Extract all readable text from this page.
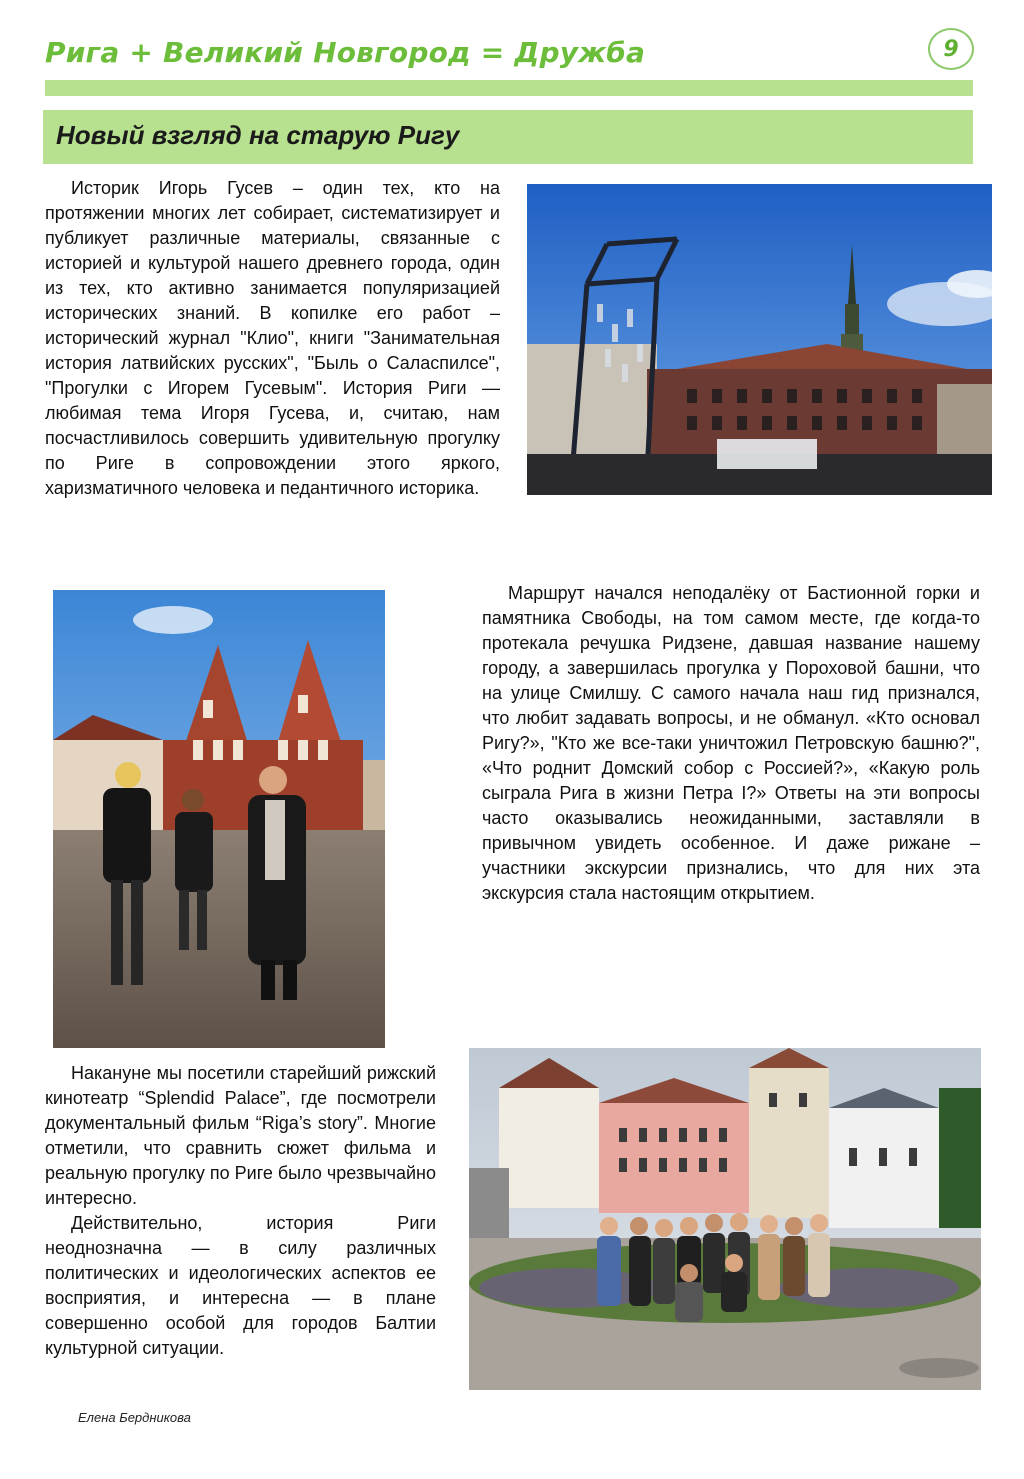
Рига + Великий Новгород = Дружба	9
Новый взгляд на старую Ригу

Историк Игорь Гусев – один тех, кто на протяжении многих лет собирает, систематизирует и публикует различные материалы, связанные с историей и культурой нашего древнего города, один из тех, кто активно занимается популяризацией исторических знаний. В копилке его работ – исторический журнал "Клио", книги "Занимательная история латвийских русских", "Быль о Саласпилсе", "Прогулки с Игорем Гусевым". История Риги — любимая тема Игоря Гусева, и, считаю, нам посчастливилось совершить удивительную прогулку по Риге в сопровождении этого яркого, харизматичного человека и педантичного историка.

Маршрут начался неподалёку от Бастионной горки и памятника Свободы, на том самом месте, где когда-то протекала речушка Ридзене, давшая название нашему городу, а завершилась прогулка у Пороховой башни, что на улице Смилшу. С самого начала наш гид признался, что любит задавать вопросы, и не обманул. «Кто основал Ригу?», "Кто же все-таки уничтожил Петровскую башню?", «Что роднит Домский собор с Россией?», «Какую роль сыграла Рига в жизни Петра I?» Ответы на эти вопросы часто оказывались неожиданными, заставляли в привычном увидеть особенное. И даже рижане – участники экскурсии признались, что для них эта экскурсия стала настоящим открытием.

Накануне мы посетили старейший рижский кинотеатр “Splendid Palace”, где посмотрели документальный фильм “Riga’s story”. Многие отметили, что сравнить сюжет фильма и реальную прогулку по Риге было чрезвычайно интересно.

Действительно, история Риги неоднозначна — в силу различных политических и идеологических аспектов ее восприятия, и интересна — в плане совершенно особой для городов Балтии культурной ситуации.

Елена Бердникова
